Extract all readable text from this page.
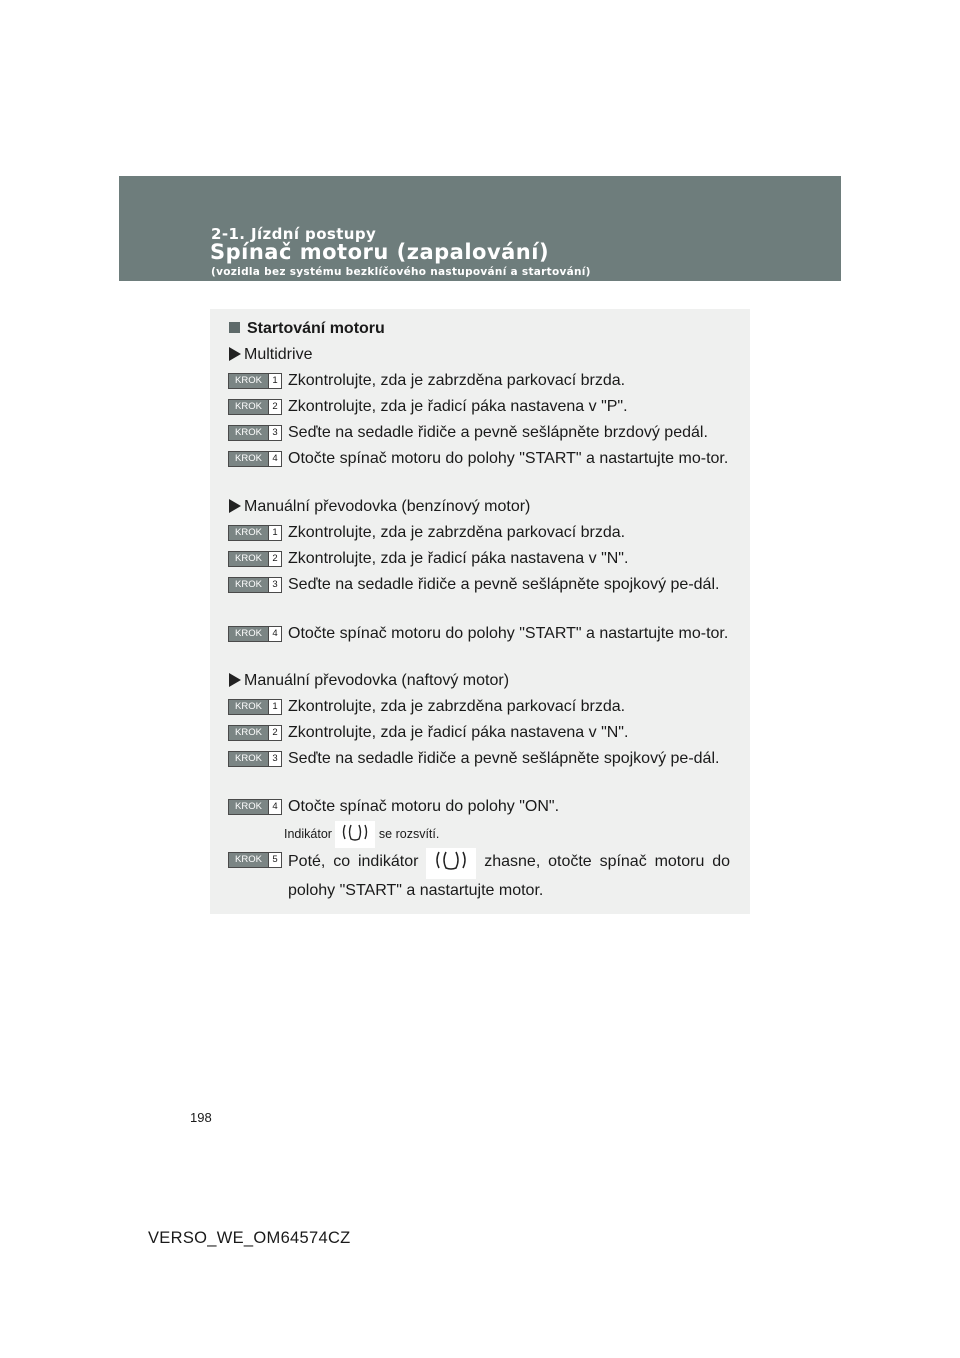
2-1. Jízdní postupy
Spínač motoru (zapalování)
(vozidla bez systému bezklíčového nastupování a startování)
Startování motoru
Multidrive
KROK	1 Zkontrolujte, zda je zabrzděna parkovací brzda.
KROK	2 Zkontrolujte, zda je řadicí páka nastavena v "P".
KROK	3 Seďte na sedadle řidiče a pevně sešlápněte brzdový pedál.
KROK	4 Otočte spínač motoru do polohy "START" a nastartujte mo-tor.
Manuální převodovka (benzínový motor)
KROK	1 Zkontrolujte, zda je zabrzděna parkovací brzda.
KROK	2 Zkontrolujte, zda je řadicí páka nastavena v "N".
KROK	3 Seďte na sedadle řidiče a pevně sešlápněte spojkový pe-dál.
KROK	4 Otočte spínač motoru do polohy "START" a nastartujte mo-tor.
Manuální převodovka (naftový motor)
KROK	1 Zkontrolujte, zda je zabrzděna parkovací brzda.
KROK	2 Zkontrolujte, zda je řadicí páka nastavena v "N".
KROK	3 Seďte na sedadle řidiče a pevně sešlápněte spojkový pe-dál.
KROK	4 Otočte spínač motoru do polohy "ON".
Indikátor	se rozsvítí.
KROK	5 Poté, co indikátor	zhasne, otočte spínač motoru do polohy "START" a nastartujte motor.
198
VERSO_WE_OM64574CZ
